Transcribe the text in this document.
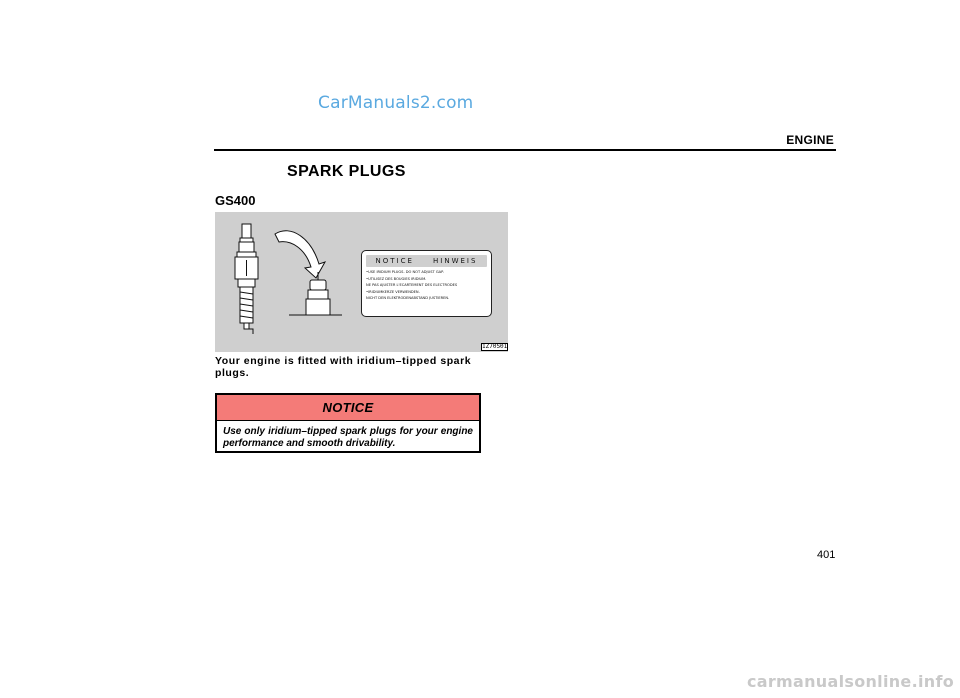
CarManuals2.com
ENGINE
SPARK PLUGS
GS400
NOTICE	HINWEIS
•USE IRIDIUM PLUGS. DO NOT ADJUST GAP.
•UTILISEZ DES BOUGIES IRIDIUM.
NE PAS AJUSTER L'ECARTEMENT DES ELECTRODES
•IRIDIUMKERZE VERWENDEN.
NICHT DEN ELEKTRODENABSTAND JUSTIEREN.
1Z70S01

Your engine is fitted with iridium–tipped spark plugs.

NOTICE

Use only iridium–tipped spark plugs for your engine performance and smooth drivability.

401
carmanualsonline.info
